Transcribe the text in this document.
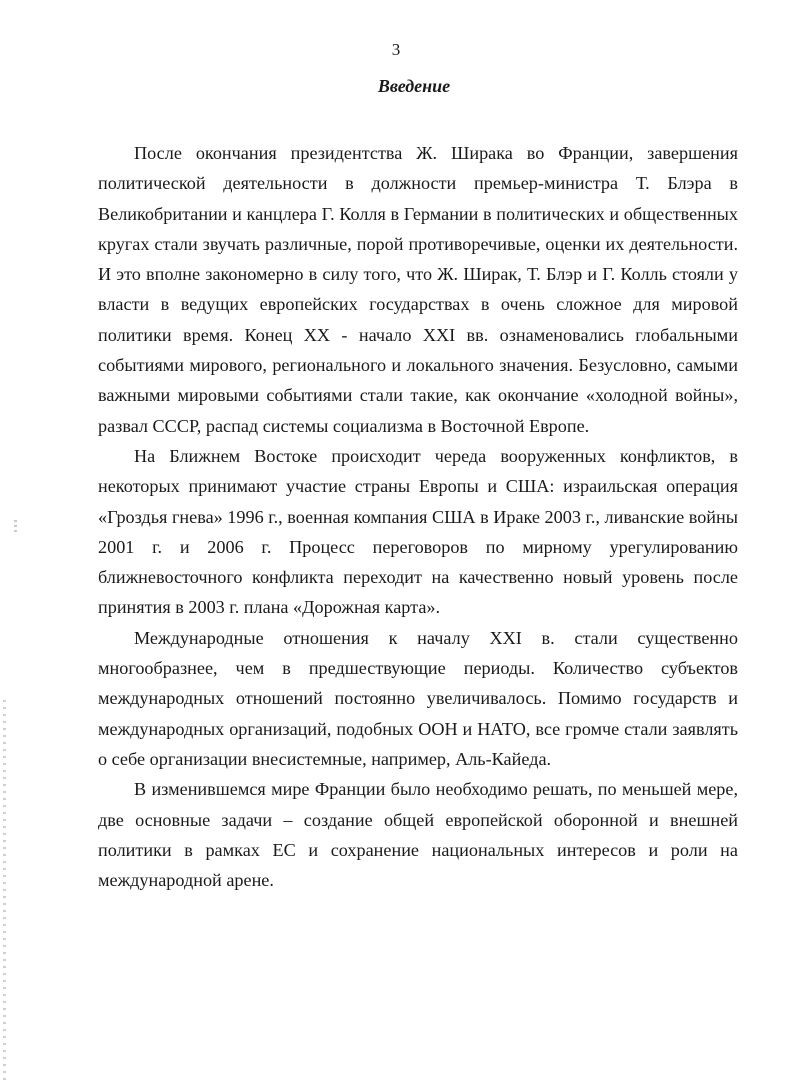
3
Введение

После окончания президентства Ж. Ширака во Франции, завершения политической деятельности в должности премьер-министра Т. Блэра в Великобритании и канцлера Г. Колля в Германии в политических и общественных кругах стали звучать различные, порой противоречивые, оценки их деятельности. И это вполне закономерно в силу того, что Ж. Ширак, Т. Блэр и Г. Колль стояли у власти в ведущих европейских государствах в очень сложное для мировой политики время. Конец XX - начало XXI вв. ознаменовались глобальными событиями мирового, регионального и локального значения. Безусловно, самыми важными мировыми событиями стали такие, как окончание «холодной войны», развал СССР, распад системы социализма в Восточной Европе.

На Ближнем Востоке происходит череда вооруженных конфликтов, в некоторых принимают участие страны Европы и США: израильская операция «Гроздья гнева» 1996 г., военная компания США в Ираке 2003 г., ливанские войны 2001 г. и 2006 г. Процесс переговоров по мирному урегулированию ближневосточного конфликта переходит на качественно новый уровень после принятия в 2003 г. плана «Дорожная карта».

Международные отношения к началу XXI в. стали существенно многообразнее, чем в предшествующие периоды. Количество субъектов международных отношений постоянно увеличивалось. Помимо государств и международных организаций, подобных ООН и НАТО, все громче стали заявлять о себе организации внесистемные, например, Аль-Кайеда.

В изменившемся мире Франции было необходимо решать, по меньшей мере, две основные задачи – создание общей европейской оборонной и внешней политики в рамках ЕС и сохранение национальных интересов и роли на международной арене.
